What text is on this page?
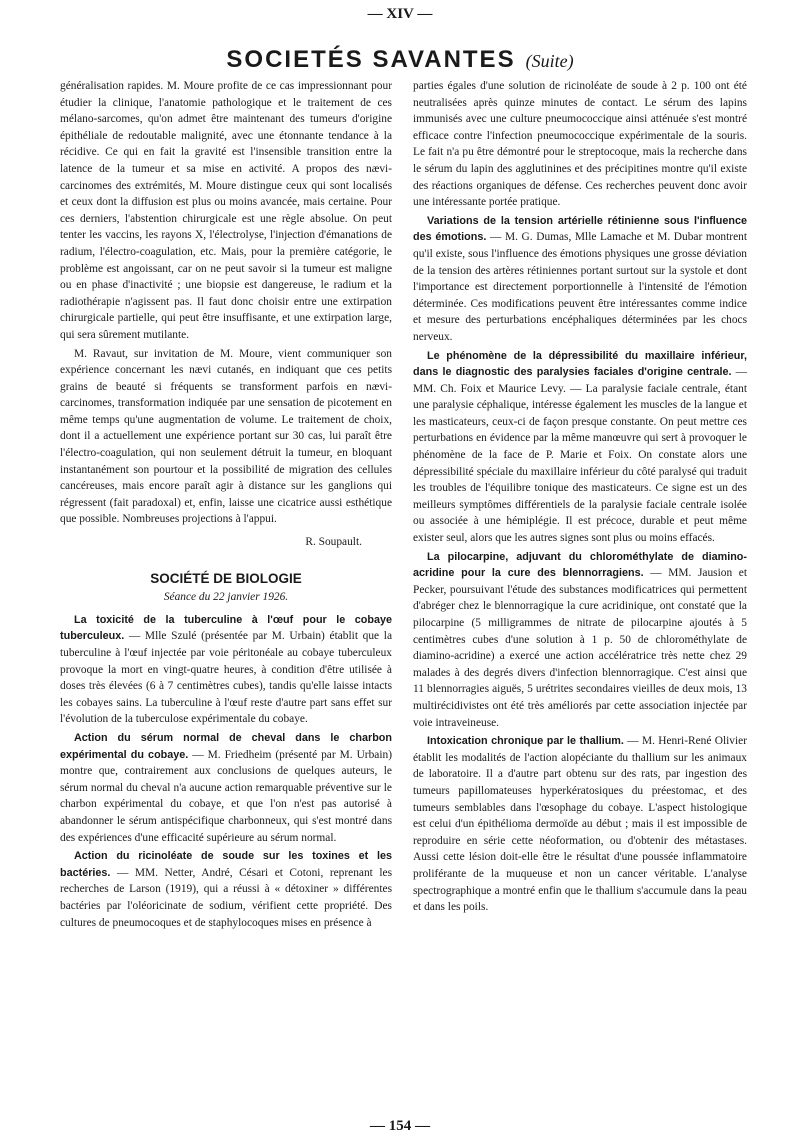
— XIV —
SOCIETÉS SAVANTES (Suite)

généralisation rapides. M. Moure profite de ce cas impressionnant pour étudier la clinique, l'anatomie pathologique et le traitement de ces mélano-sarcomes, qu'on admet être maintenant des tumeurs d'origine épithéliale de redoutable malignité, avec une étonnante tendance à la récidive. Ce qui en fait la gravité est l'insensible transition entre la latence de la tumeur et sa mise en activité. A propos des nævi-carcinomes des extrémités, M. Moure distingue ceux qui sont localisés et ceux dont la diffusion est plus ou moins avancée, mais certaine. Pour ces derniers, l'abstention chirurgicale est une règle absolue. On peut tenter les vaccins, les rayons X, l'électrolyse, l'injection d'émanations de radium, l'électro-coagulation, etc. Mais, pour la première catégorie, le problème est angoissant, car on ne peut savoir si la tumeur est maligne ou en phase d'inactivité ; une biopsie est dangereuse, le radium et la radiothérapie n'agissent pas. Il faut donc choisir entre une extirpation chirurgicale partielle, qui peut être insuffisante, et une extirpation large, qui sera sûrement mutilante.

M. Ravaut, sur invitation de M. Moure, vient communiquer son expérience concernant les nævi cutanés, en indiquant que ces petits grains de beauté si fréquents se transforment parfois en nævi-carcinomes, transformation indiquée par une sensation de picotement en même temps qu'une augmentation de volume. Le traitement de choix, dont il a actuellement une expérience portant sur 30 cas, lui paraît être l'électro-coagulation, qui non seulement détruit la tumeur, en bloquant instantanément son pourtour et la possibilité de migration des cellules cancéreuses, mais encore paraît agir à distance sur les ganglions qui régressent (fait paradoxal) et, enfin, laisse une cicatrice aussi esthétique que possible. Nombreuses projections à l'appui.

R. Soupault.
SOCIÉTÉ DE BIOLOGIE
Séance du 22 janvier 1926.

La toxicité de la tuberculine à l'œuf pour le cobaye tuberculeux. — Mlle Szulé (présentée par M. Urbain) établit que la tuberculine à l'œuf injectée par voie péritonéale au cobaye tuberculeux provoque la mort en vingt-quatre heures, à condition d'être utilisée à doses très élevées (6 à 7 centimètres cubes), tandis qu'elle laisse intacts les cobayes sains. La tuberculine à l'œuf reste d'autre part sans effet sur l'évolution de la tuberculose expérimentale du cobaye.

Action du sérum normal de cheval dans le charbon expérimental du cobaye. — M. Friedheim (présenté par M. Urbain) montre que, contrairement aux conclusions de quelques auteurs, le sérum normal du cheval n'a aucune action remarquable préventive sur le charbon expérimental du cobaye, et que l'on n'est pas autorisé à abandonner le sérum antispécifique charbonneux, qui s'est montré dans des expériences d'une efficacité supérieure au sérum normal.

Action du ricinoléate de soude sur les toxines et les bactéries. — MM. Netter, André, Césari et Cotoni, reprenant les recherches de Larson (1919), qui a réussi à « détoxiner » différentes bactéries par l'oléoricinate de sodium, vérifient cette propriété. Des cultures de pneumocoques et de staphylocoques mises en présence à

parties égales d'une solution de ricinoléate de soude à 2 p. 100 ont été neutralisées après quinze minutes de contact. Le sérum des lapins immunisés avec une culture pneumococcique ainsi atténuée s'est montré efficace contre l'infection pneumococcique expérimentale de la souris. Le fait n'a pu être démontré pour le streptocoque, mais la recherche dans le sérum du lapin des agglutinines et des précipitines montre qu'il existe des réactions organiques de défense. Ces recherches peuvent donc avoir une intéressante portée pratique.

Variations de la tension artérielle rétinienne sous l'influence des émotions. — M. G. Dumas, Mlle Lamache et M. Dubar montrent qu'il existe, sous l'influence des émotions physiques une grosse déviation de la tension des artères rétiniennes portant surtout sur la systole et dont l'importance est directement porportionnelle à l'intensité de l'émotion déterminée. Ces modifications peuvent être intéressantes comme indice et mesure des perturbations encéphaliques déterminées par les chocs nerveux.

Le phénomène de la dépressibilité du maxillaire inférieur, dans le diagnostic des paralysies faciales d'origine centrale. — MM. Ch. Foix et Maurice Levy. — La paralysie faciale centrale, étant une paralysie céphalique, intéresse également les muscles de la langue et les masticateurs, ceux-ci de façon presque constante. On peut mettre ces perturbations en évidence par la même manœuvre qui sert à provoquer le phénomène de la face de P. Marie et Foix. On constate alors une dépressibilité spéciale du maxillaire inférieur du côté paralysé qui traduit les troubles de l'équilibre tonique des masticateurs. Ce signe est un des meilleurs symptômes différentiels de la paralysie faciale centrale isolée ou associée à une hémiplégie. Il est précoce, durable et peut même exister seul, alors que les autres signes sont plus ou moins effacés.

La pilocarpine, adjuvant du chlorométhylate de diamino-acridine pour la cure des blennorragiens. — MM. Jausion et Pecker, poursuivant l'étude des substances modificatrices qui permettent d'abréger chez le blennorragique la cure acridinique, ont constaté que la pilocarpine (5 milligrammes de nitrate de pilocarpine ajoutés à 5 centimètres cubes d'une solution à 1 p. 50 de chlorométhylate de diamino-acridine) a exercé une action accélératrice très nette chez 29 malades à des degrés divers d'infection blennorragique. C'est ainsi que 11 blennorragies aiguës, 5 urétrites secondaires vieilles de deux mois, 13 multirécidivistes ont été très améliorés par cette association injectée par voie intraveineuse.

Intoxication chronique par le thallium. — M. Henri-René Olivier établit les modalités de l'action alopéciante du thallium sur les animaux de laboratoire. Il a d'autre part obtenu sur des rats, par ingestion des tumeurs papillomateuses hyperkératosiques du préestomac, et des tumeurs semblables dans l'œsophage du cobaye. L'aspect histologique est celui d'un épithélioma dermoïde au début ; mais il est impossible de reproduire en série cette néoformation, ou d'obtenir des métastases. Aussi cette lésion doit-elle être le résultat d'une poussée inflammatoire proliférante de la muqueuse et non un cancer véritable. L'analyse spectrographique a montré enfin que le thallium s'accumule dans la peau et dans les poils.

— 154 —
